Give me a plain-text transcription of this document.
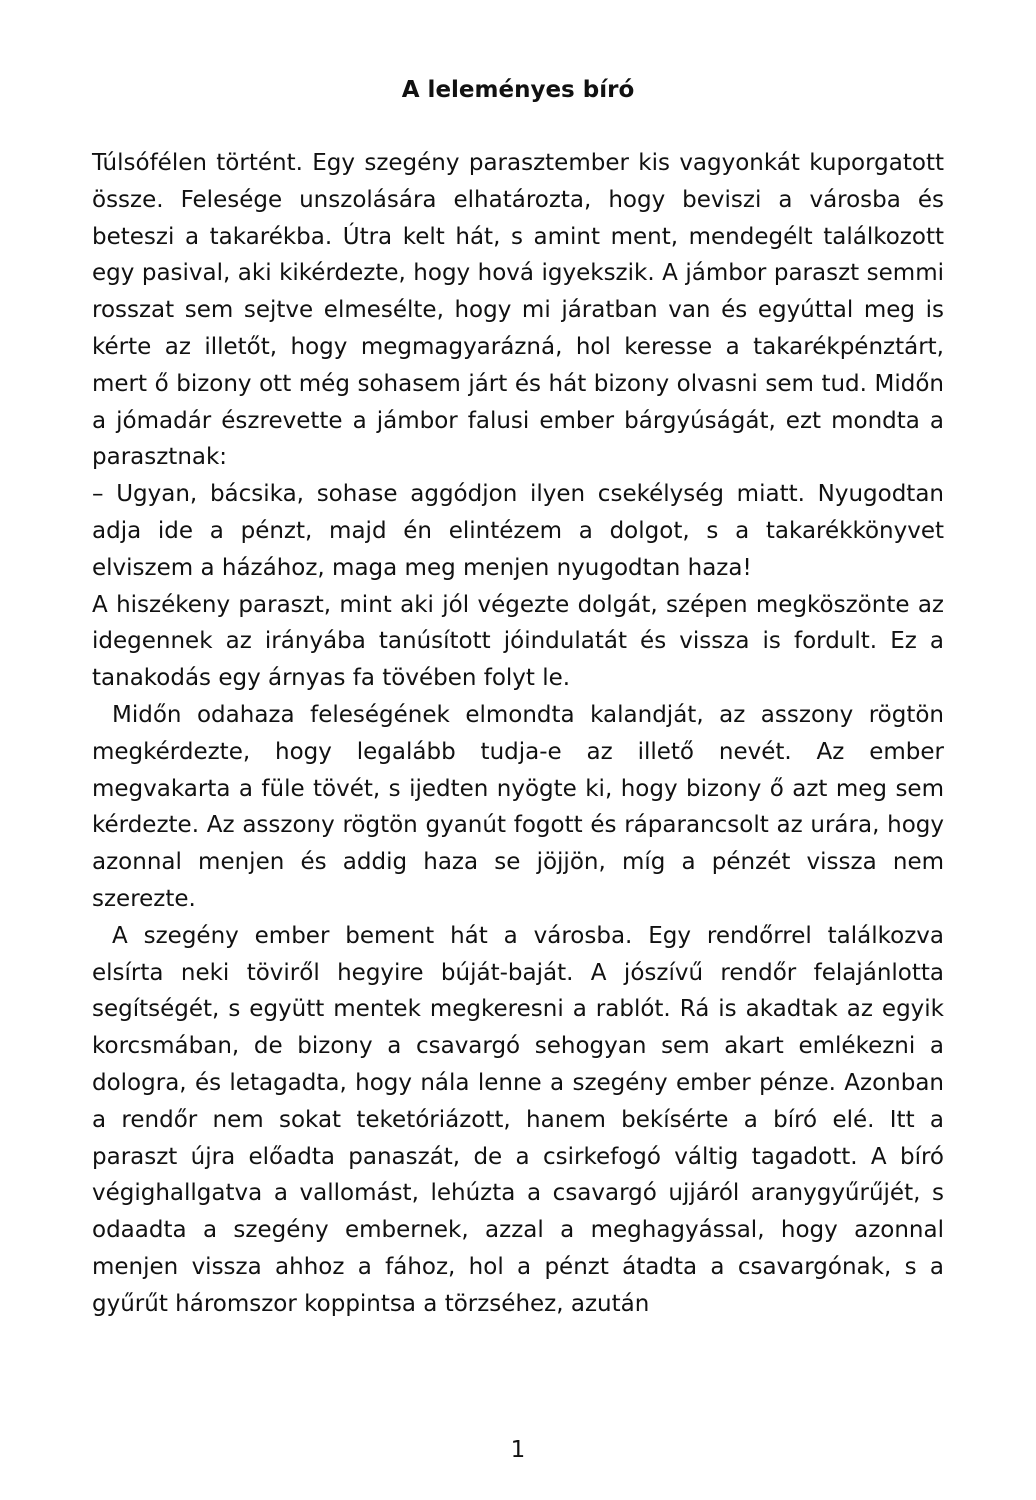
A leleményes bíró

Túlsófélen történt. Egy szegény parasztember kis vagyonkát kuporgatott össze. Felesége unszolására elhatározta, hogy beviszi a városba és beteszi a takarékba. Útra kelt hát, s amint ment, mendegélt találkozott egy pasival, aki kikérdezte, hogy hová igyekszik. A jámbor paraszt semmi rosszat sem sejtve elmesélte, hogy mi járatban van és egyúttal meg is kérte az illetőt, hogy megmagyarázná, hol keresse a takarékpénztárt, mert ő bizony ott még sohasem járt és hát bizony olvasni sem tud. Midőn a jómadár észrevette a jámbor falusi ember bárgyúságát, ezt mondta a parasztnak:

– Ugyan, bácsika, sohase aggódjon ilyen csekélység miatt. Nyugodtan adja ide a pénzt, majd én elintézem a dolgot, s a takarékkönyvet elviszem a házához, maga meg menjen nyugodtan haza!

A hiszékeny paraszt, mint aki jól végezte dolgát, szépen megköszönte az idegennek az irányába tanúsított jóindulatát és vissza is fordult. Ez a tanakodás egy árnyas fa tövében folyt le.

Midőn odahaza feleségének elmondta kalandját, az asszony rögtön megkérdezte, hogy legalább tudja-e az illető nevét. Az ember megvakarta a füle tövét, s ijedten nyögte ki, hogy bizony ő azt meg sem kérdezte. Az asszony rögtön gyanút fogott és ráparancsolt az urára, hogy azonnal menjen és addig haza se jöjjön, míg a pénzét vissza nem szerezte.

A szegény ember bement hát a városba. Egy rendőrrel találkozva elsírta neki töviről hegyire búját-baját. A jószívű rendőr felajánlotta segítségét, s együtt mentek megkeresni a rablót. Rá is akadtak az egyik korcsmában, de bizony a csavargó sehogyan sem akart emlékezni a dologra, és letagadta, hogy nála lenne a szegény ember pénze. Azonban a rendőr nem sokat teketóriázott, hanem bekísérte a bíró elé. Itt a paraszt újra előadta panaszát, de a csirkefogó váltig tagadott. A bíró végighallgatva a vallomást, lehúzta a csavargó ujjáról aranygyűrűjét, s odaadta a szegény embernek, azzal a meghagyással, hogy azonnal menjen vissza ahhoz a fához, hol a pénzt átadta a csavargónak, s a gyűrűt háromszor koppintsa a törzséhez, azután

1
